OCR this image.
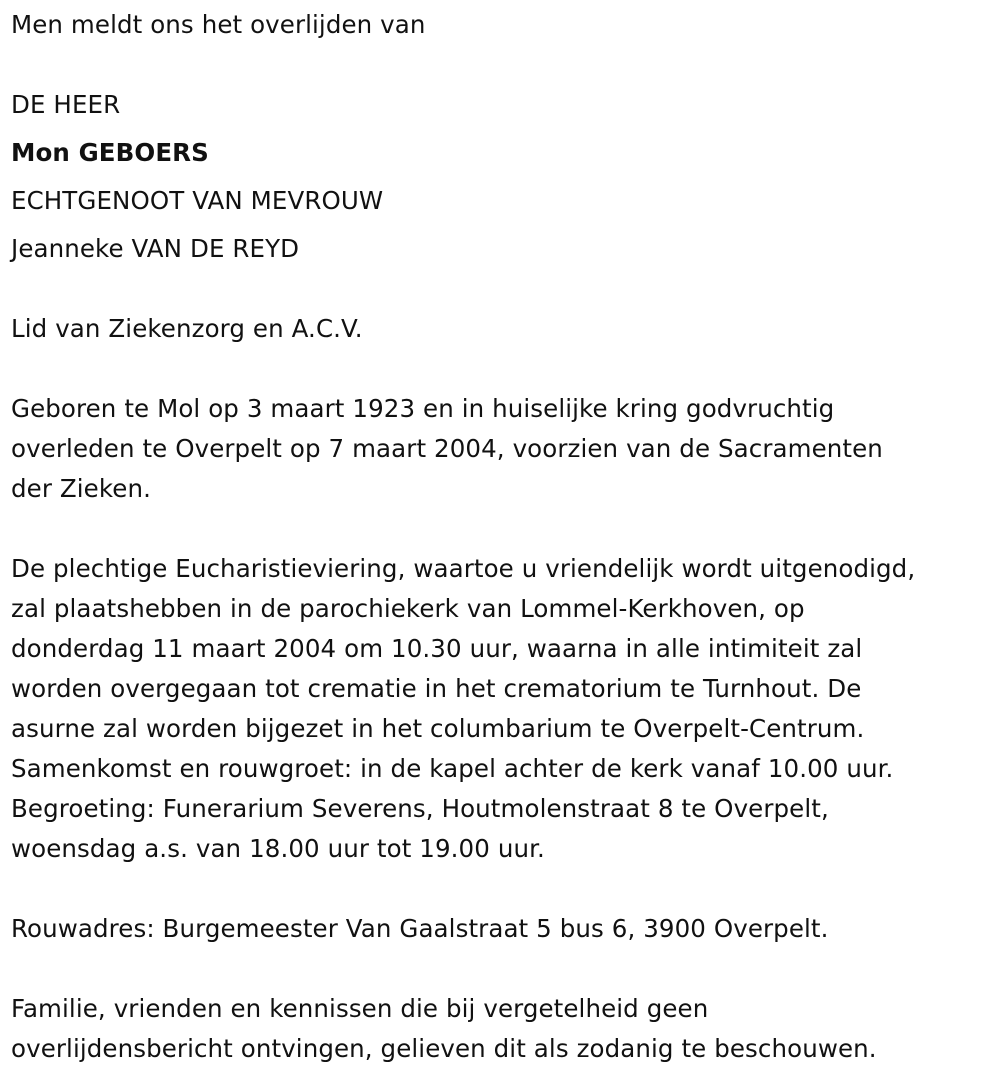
Men meldt ons het overlijden van

DE HEER

Mon GEBOERS

ECHTGENOOT VAN MEVROUW

Jeanneke VAN DE REYD

Lid van Ziekenzorg en A.C.V.

Geboren te Mol op 3 maart 1923 en in huiselijke kring godvruchtig
overleden te Overpelt op 7 maart 2004, voorzien van de Sacramenten
der Zieken.
De plechtige Eucharistieviering, waartoe u vriendelijk wordt uitgenodigd,
zal plaatshebben in de parochiekerk van Lommel-Kerkhoven, op
donderdag 11 maart 2004 om 10.30 uur, waarna in alle intimiteit zal
worden overgegaan tot crematie in het crematorium te Turnhout. De
asurne zal worden bijgezet in het columbarium te Overpelt-Centrum.
Samenkomst en rouwgroet: in de kapel achter de kerk vanaf 10.00 uur.
Begroeting: Funerarium Severens, Houtmolenstraat 8 te Overpelt,
woensdag a.s. van 18.00 uur tot 19.00 uur.

Rouwadres: Burgemeester Van Gaalstraat 5 bus 6, 3900 Overpelt.

Familie, vrienden en kennissen die bij vergetelheid geen
overlijdensbericht ontvingen, gelieven dit als zodanig te beschouwen.
